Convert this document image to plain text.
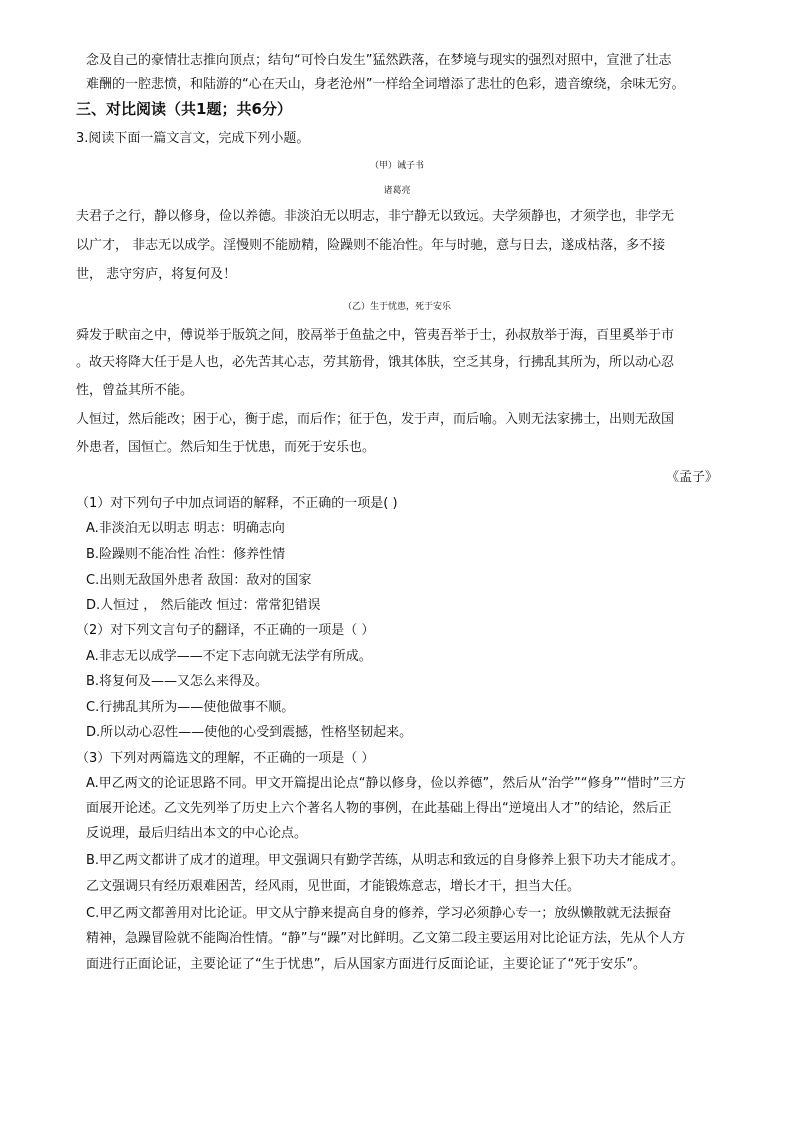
念及自己的豪情壮志推向顶点；结句“可怜白发生”猛然跌落，在梦境与现实的强烈对照中，宣泄了壮志
难酬的一腔悲愤，和陆游的“心在天山，身老沧州”一样给全词增添了悲壮的色彩，遗音缭绕，余味无穷。
三、对比阅读（共1题；共6分）
3.阅读下面一篇文言文，完成下列小题。
（甲）诫子书
诸葛亮
夫君子之行，静以修身，俭以养德。非淡泊无以明志，非宁静无以致远。夫学须静也，才须学也，非学无
以广才， 非志无以成学。淫慢则不能励精，险躁则不能冶性。年与时驰，意与日去，遂成枯落，多不接
世， 悲守穷庐，将复何及！
（乙）生于忧患，死于安乐
舜发于畎亩之中，傅说举于版筑之间，胶鬲举于鱼盐之中，管夷吾举于士，孙叔敖举于海，百里奚举于市
。故天将降大任于是人也，必先苦其心志，劳其筋骨，饿其体肤，空乏其身，行拂乱其所为，所以动心忍
性，曾益其所不能。
人恒过，然后能改；困于心，衡于虑，而后作；征于色，发于声，而后喻。入则无法家拂士，出则无敌国
外患者，国恒亡。然后知生于忧患，而死于安乐也。
《孟子》
（1）对下列句子中加点词语的解释，不正确的一项是( )
A.非淡泊无以明志 明志：明确志向
B.险躁则不能冶性 冶性：修养性情
C.出则无敌国外患者 敌国：敌对的国家
D.人恒过 ， 然后能改 恒过：常常犯错误
（2）对下列文言句子的翻译，不正确的一项是（ ）
A.非志无以成学——不定下志向就无法学有所成。
B.将复何及——又怎么来得及。
C.行拂乱其所为——使他做事不顺。
D.所以动心忍性——使他的心受到震撼，性格坚韧起来。
（3）下列对两篇选文的理解，不正确的一项是（ ）
A.甲乙两文的论证思路不同。甲文开篇提出论点“静以修身，俭以养德”，然后从“治学”“修身”“惜时”三方
面展开论述。乙文先列举了历史上六个著名人物的事例，在此基础上得出“逆境出人才”的结论，然后正
反说理，最后归结出本文的中心论点。
B.甲乙两文都讲了成才的道理。甲文强调只有勤学苦练，从明志和致远的自身修养上狠下功夫才能成才。
乙文强调只有经历艰难困苦，经风雨，见世面，才能锻炼意志，增长才干，担当大任。
C.甲乙两文都善用对比论证。甲文从宁静来提高自身的修养，学习必须静心专一；放纵懒散就无法振奋
精神，急躁冒险就不能陶冶性情。“静”与“躁”对比鲜明。乙文第二段主要运用对比论证方法，先从个人方
面进行正面论证，主要论证了“生于忧患”，后从国家方面进行反面论证，主要论证了“死于安乐”。
